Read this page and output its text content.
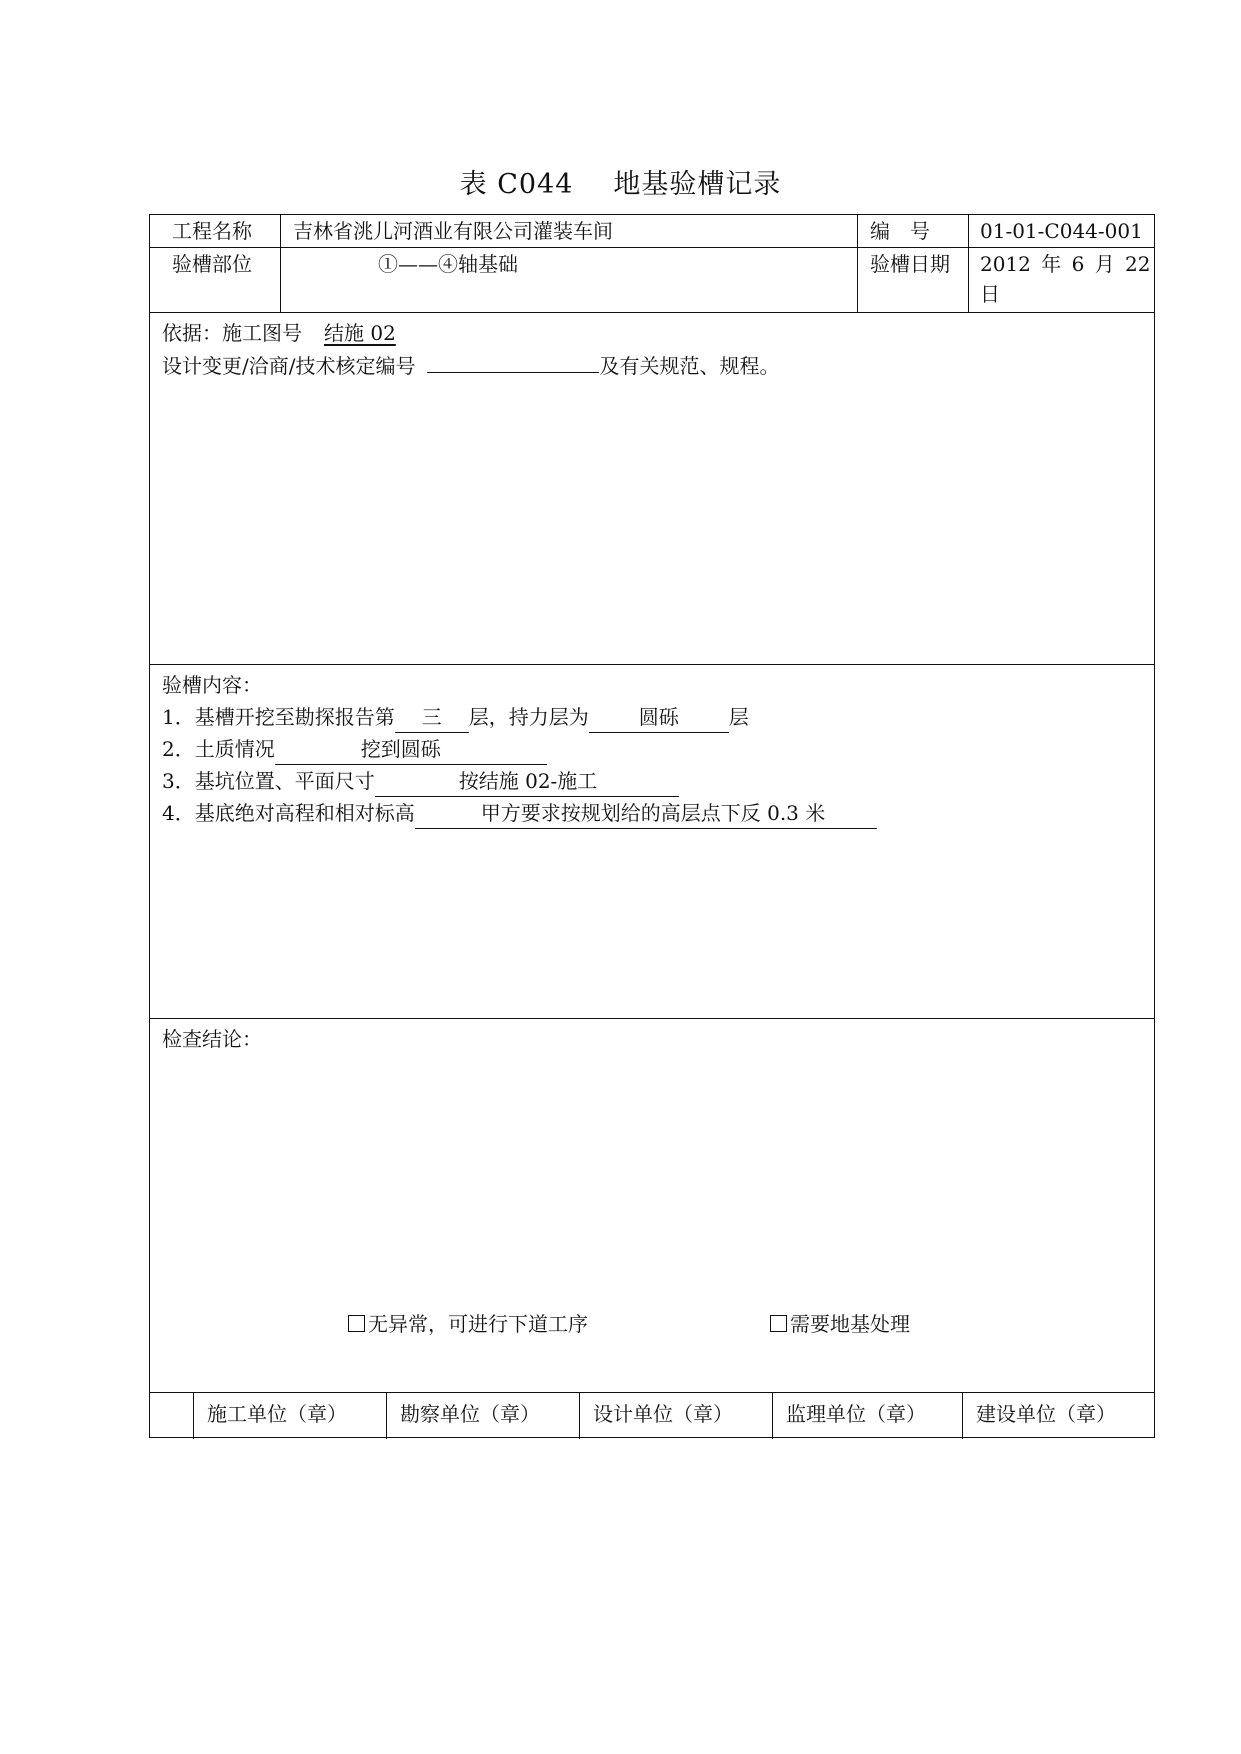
表 C044 地基验槽记录
工程名称 吉林省洮儿河酒业有限公司灌装车间	编　号	01-01-C044-001
验槽部位	①——④轴基础	验槽日期 2012 年 6 月 22
日
依据：施工图号 结施 02
设计变更/洽商/技术核定编号	及有关规范、规程。
验槽内容：
1．基槽开挖至勘探报告第 三 层，持力层为	圆砾	层
2．土质情况	挖到圆砾
3．基坑位置、平面尺寸	按结施 02-施工
4．基底绝对高程和相对标高	甲方要求按规划给的高层点下反 0.3 米
检查结论：
无异常，可进行下道工序	需要地基处理
施工单位（章）	勘察单位（章）	设计单位（章）	监理单位（章）	建设单位（章）
